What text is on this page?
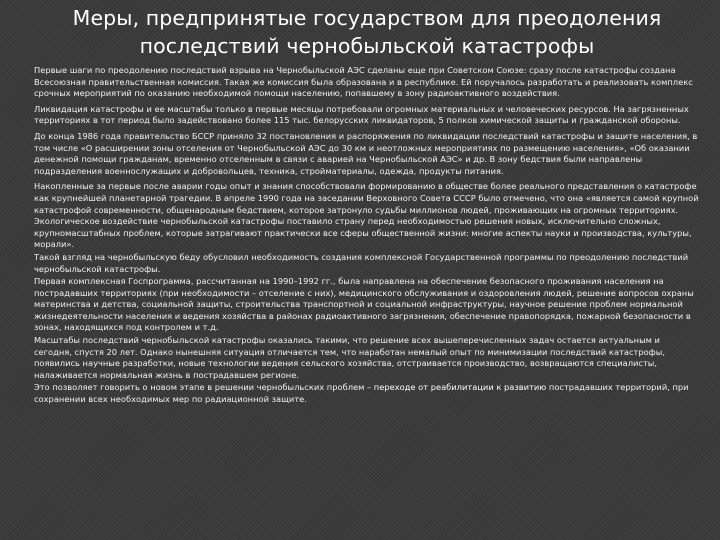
Меры, предпринятые государством для преодоления
последствий чернобыльской катастрофы

Первые шаги по преодолению последствий взрыва на Чернобыльской АЭС сделаны еще при Советском Союзе: сразу после катастрофы создана Всесоюзная правительственная комиссия. Такая же комиссия была образована и в республике. Ей поручалось разработать и реализовать комплекс срочных мероприятий по оказанию необходимой помощи населению, попавшему в зону радиоактивного воздействия.

Ликвидация катастрофы и ее масштабы только в первые месяцы потребовали огромных материальных и человеческих ресурсов. На загрязненных территориях в тот период было задействовано более 115 тыс. белорусских ликвидаторов, 5 полков химической защиты и гражданской обороны.

До конца 1986 года правительство БССР приняло 32 постановления и распоряжения по ликвидации последствий катастрофы и защите населения, в том числе «О расширении зоны отселения от Чернобыльской АЭС до 30 км и неотложных мероприятиях по размещению населения», «Об оказании денежной помощи гражданам, временно отселенным в связи с аварией на Чернобыльской АЭС» и др. В зону бедствия были направлены подразделения военнослужащих и добровольцев, техника, стройматериалы, одежда, продукты питания.

Накопленные за первые после аварии годы опыт и знания способствовали формированию в обществе более реального представления о катастрофе как крупнейшей планетарной трагедии. В апреле 1990 года на заседании Верховного Совета СССР было отмечено, что она «является самой крупной катастрофой современности, общенародным бедствием, которое затронуло судьбы миллионов людей, проживающих на огромных территориях. Экологическое воздействие чернобыльской катастрофы поставило страну перед необходимостью решения новых, исключительно сложных, крупномасштабных проблем, которые затрагивают практически все сферы общественной жизни: многие аспекты науки и производства, культуры, морали».

Такой взгляд на чернобыльскую беду обусловил необходимость создания комплексной Государственной программы по преодолению последствий чернобыльской катастрофы.

Первая комплексная Госпрограмма, рассчитанная на 1990–1992 гг., была направлена на обеспечение безопасного проживания населения на пострадавших территориях (при необходимости – отселение с них), медицинского обслуживания и оздоровления людей, решение вопросов охраны материнства и детства, социальной защиты, строительства транспортной и социальной инфраструктуры, научное решение проблем нормальной жизнедеятельности населения и ведения хозяйства в районах радиоактивного загрязнения, обеспечение правопорядка, пожарной безопасности в зонах, находящихся под контролем и т.д.

Масштабы последствий чернобыльской катастрофы оказались такими, что решение всех вышеперечисленных задач остается актуальным и сегодня, спустя 20 лет. Однако нынешняя ситуация отличается тем, что наработан немалый опыт по минимизации последствий катастрофы, появились научные разработки, новые технологии ведения сельского хозяйства, отстраивается производство, возвращаются специалисты, налаживается нормальная жизнь в пострадавшем регионе.

Это позволяет говорить о новом этапе в решении чернобыльских проблем – переходе от реабилитации к развитию пострадавших территорий, при сохранении всех необходимых мер по радиационной защите.
